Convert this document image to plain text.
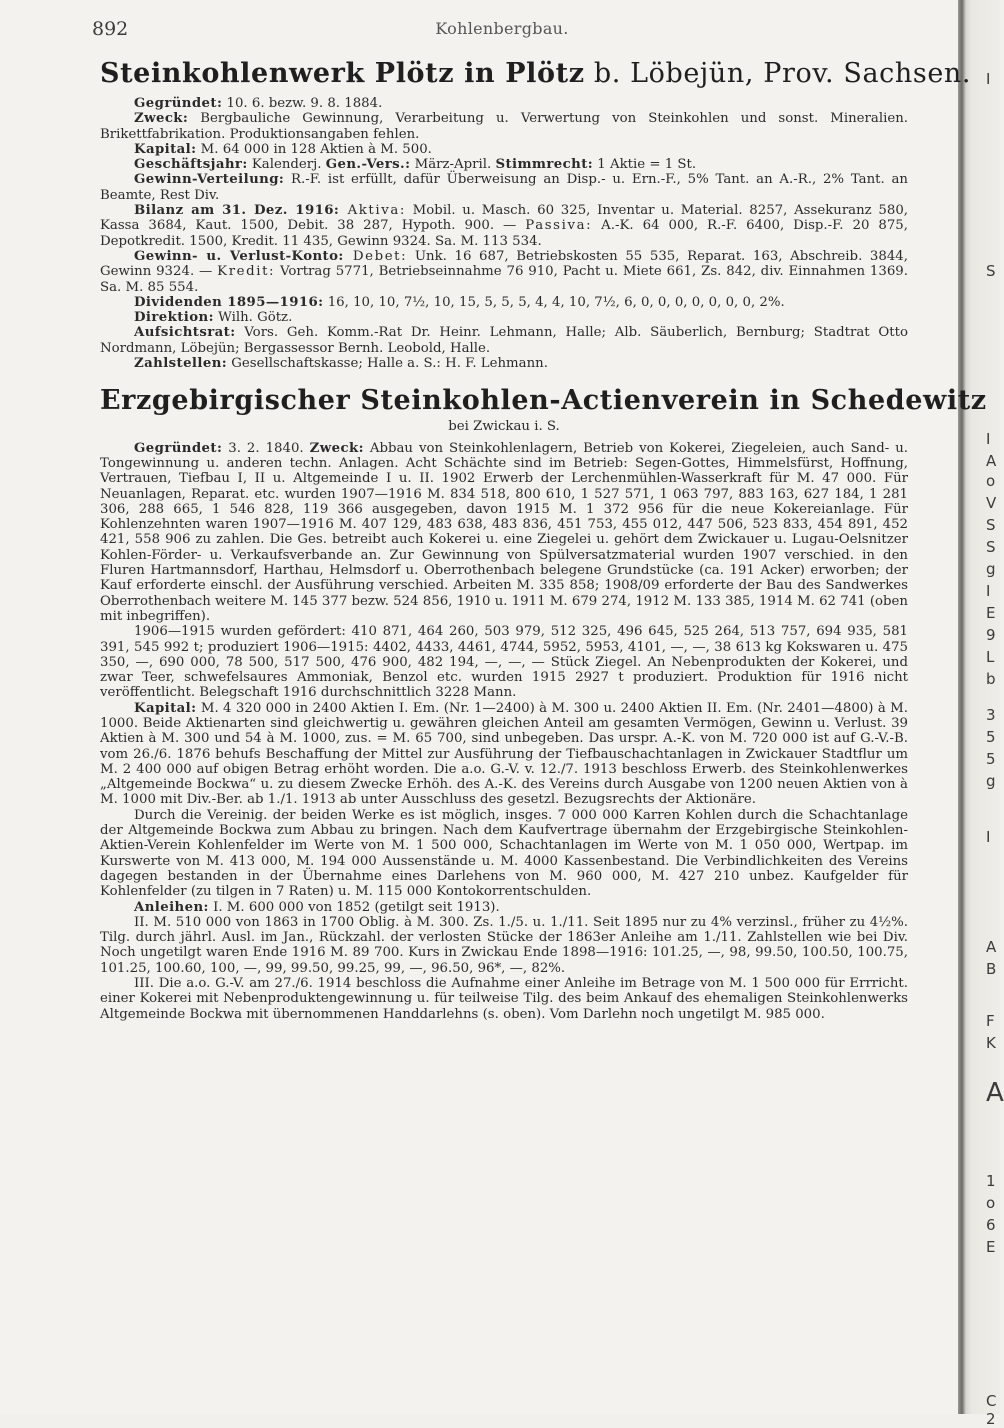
I
S
I
A
o
V
S
S
g
I
E
9
L
b
3
5
5
g
I
A
B
F
K
A
1
o
6
E
2
C
892	Kohlenbergbau.
Steinkohlenwerk Plötz in Plötz b. Löbejün, Prov. Sachsen.

Gegründet: 10. 6. bezw. 9. 8. 1884.

Zweck: Bergbauliche Gewinnung, Verarbeitung u. Verwertung von Steinkohlen und sonst. Mineralien. Brikettfabrikation. Produktionsangaben fehlen.

Kapital: M. 64 000 in 128 Aktien à M. 500.

Geschäftsjahr: Kalenderj. Gen.-Vers.: März-April. Stimmrecht: 1 Aktie = 1 St.

Gewinn-Verteilung: R.-F. ist erfüllt, dafür Überweisung an Disp.- u. Ern.-F., 5% Tant. an A.-R., 2% Tant. an Beamte, Rest Div.

Bilanz am 31. Dez. 1916: Aktiva: Mobil. u. Masch. 60 325, Inventar u. Material. 8257, Assekuranz 580, Kassa 3684, Kaut. 1500, Debit. 38 287, Hypoth. 900. — Passiva: A.-K. 64 000, R.-F. 6400, Disp.-F. 20 875, Depotkredit. 1500, Kredit. 11 435, Gewinn 9324. Sa. M. 113 534.

Gewinn- u. Verlust-Konto: Debet: Unk. 16 687, Betriebskosten 55 535, Reparat. 163, Abschreib. 3844, Gewinn 9324. — Kredit: Vortrag 5771, Betriebseinnahme 76 910, Pacht u. Miete 661, Zs. 842, div. Einnahmen 1369. Sa. M. 85 554.

Dividenden 1895—1916: 16, 10, 10, 7½, 10, 15, 5, 5, 5, 4, 4, 10, 7½, 6, 0, 0, 0, 0, 0, 0, 0, 2%.

Direktion: Wilh. Götz.

Aufsichtsrat: Vors. Geh. Komm.-Rat Dr. Heinr. Lehmann, Halle; Alb. Säuberlich, Bernburg; Stadtrat Otto Nordmann, Löbejün; Bergassessor Bernh. Leobold, Halle.

Zahlstellen: Gesellschaftskasse; Halle a. S.: H. F. Lehmann.

Erzgebirgischer Steinkohlen-Actienverein in Schedewitz
bei Zwickau i. S.

Gegründet: 3. 2. 1840. Zweck: Abbau von Steinkohlenlagern, Betrieb von Kokerei, Ziegeleien, auch Sand- u. Tongewinnung u. anderen techn. Anlagen. Acht Schächte sind im Betrieb: Segen-Gottes, Himmelsfürst, Hoffnung, Vertrauen, Tiefbau I, II u. Altgemeinde I u. II. 1902 Erwerb der Lerchenmühlen-Wasserkraft für M. 47 000. Für Neuanlagen, Reparat. etc. wurden 1907—1916 M. 834 518, 800 610, 1 527 571, 1 063 797, 883 163, 627 184, 1 281 306, 288 665, 1 546 828, 119 366 ausgegeben, davon 1915 M. 1 372 956 für die neue Kokereianlage. Für Kohlenzehnten waren 1907—1916 M. 407 129, 483 638, 483 836, 451 753, 455 012, 447 506, 523 833, 454 891, 452 421, 558 906 zu zahlen. Die Ges. betreibt auch Kokerei u. eine Ziegelei u. gehört dem Zwickauer u. Lugau-Oelsnitzer Kohlen-Förder- u. Verkaufsverbande an. Zur Gewinnung von Spülversatzmaterial wurden 1907 verschied. in den Fluren Hartmannsdorf, Harthau, Helmsdorf u. Oberrothenbach belegene Grundstücke (ca. 191 Acker) erworben; der Kauf erforderte einschl. der Ausführung verschied. Arbeiten M. 335 858; 1908/09 erforderte der Bau des Sandwerkes Oberrothenbach weitere M. 145 377 bezw. 524 856, 1910 u. 1911 M. 679 274, 1912 M. 133 385, 1914 M. 62 741 (oben mit inbegriffen).

1906—1915 wurden gefördert: 410 871, 464 260, 503 979, 512 325, 496 645, 525 264, 513 757, 694 935, 581 391, 545 992 t; produziert 1906—1915: 4402, 4433, 4461, 4744, 5952, 5953, 4101, —, —, 38 613 kg Kokswaren u. 475 350, —, 690 000, 78 500, 517 500, 476 900, 482 194, —, —, — Stück Ziegel. An Nebenprodukten der Kokerei, und zwar Teer, schwefelsaures Ammoniak, Benzol etc. wurden 1915 2927 t produziert. Produktion für 1916 nicht veröffentlicht. Belegschaft 1916 durchschnittlich 3228 Mann.

Kapital: M. 4 320 000 in 2400 Aktien I. Em. (Nr. 1—2400) à M. 300 u. 2400 Aktien II. Em. (Nr. 2401—4800) à M. 1000. Beide Aktienarten sind gleichwertig u. gewähren gleichen Anteil am gesamten Vermögen, Gewinn u. Verlust. 39 Aktien à M. 300 und 54 à M. 1000, zus. = M. 65 700, sind unbegeben. Das urspr. A.-K. von M. 720 000 ist auf G.-V.-B. vom 26./6. 1876 behufs Beschaffung der Mittel zur Ausführung der Tiefbauschachtanlagen in Zwickauer Stadtflur um M. 2 400 000 auf obigen Betrag erhöht worden. Die a.o. G.-V. v. 12./7. 1913 beschloss Erwerb. des Steinkohlenwerkes „Altgemeinde Bockwa“ u. zu diesem Zwecke Erhöh. des A.-K. des Vereins durch Ausgabe von 1200 neuen Aktien von à M. 1000 mit Div.-Ber. ab 1./1. 1913 ab unter Ausschluss des gesetzl. Bezugsrechts der Aktionäre.

Durch die Vereinig. der beiden Werke es ist möglich, insges. 7 000 000 Karren Kohlen durch die Schachtanlage der Altgemeinde Bockwa zum Abbau zu bringen. Nach dem Kaufvertrage übernahm der Erzgebirgische Steinkohlen-Aktien-Verein Kohlenfelder im Werte von M. 1 500 000, Schachtanlagen im Werte von M. 1 050 000, Wertpap. im Kurswerte von M. 413 000, M. 194 000 Aussenstände u. M. 4000 Kassenbestand. Die Verbindlichkeiten des Vereins dagegen bestanden in der Übernahme eines Darlehens von M. 960 000, M. 427 210 unbez. Kaufgelder für Kohlenfelder (zu tilgen in 7 Raten) u. M. 115 000 Kontokorrentschulden.

Anleihen: I. M. 600 000 von 1852 (getilgt seit 1913).

II. M. 510 000 von 1863 in 1700 Oblig. à M. 300. Zs. 1./5. u. 1./11. Seit 1895 nur zu 4% verzinsl., früher zu 4½%. Tilg. durch jährl. Ausl. im Jan., Rückzahl. der verlosten Stücke der 1863er Anleihe am 1./11. Zahlstellen wie bei Div. Noch ungetilgt waren Ende 1916 M. 89 700. Kurs in Zwickau Ende 1898—1916: 101.25, —, 98, 99.50, 100.50, 100.75, 101.25, 100.60, 100, —, 99, 99.50, 99.25, 99, —, 96.50, 96*, —, 82%.

III. Die a.o. G.-V. am 27./6. 1914 beschloss die Aufnahme einer Anleihe im Betrage von M. 1 500 000 für Errricht. einer Kokerei mit Nebenproduktengewinnung u. für teilweise Tilg. des beim Ankauf des ehemaligen Steinkohlenwerks Altgemeinde Bockwa mit übernommenen Handdarlehns (s. oben). Vom Darlehn noch ungetilgt M. 985 000.
